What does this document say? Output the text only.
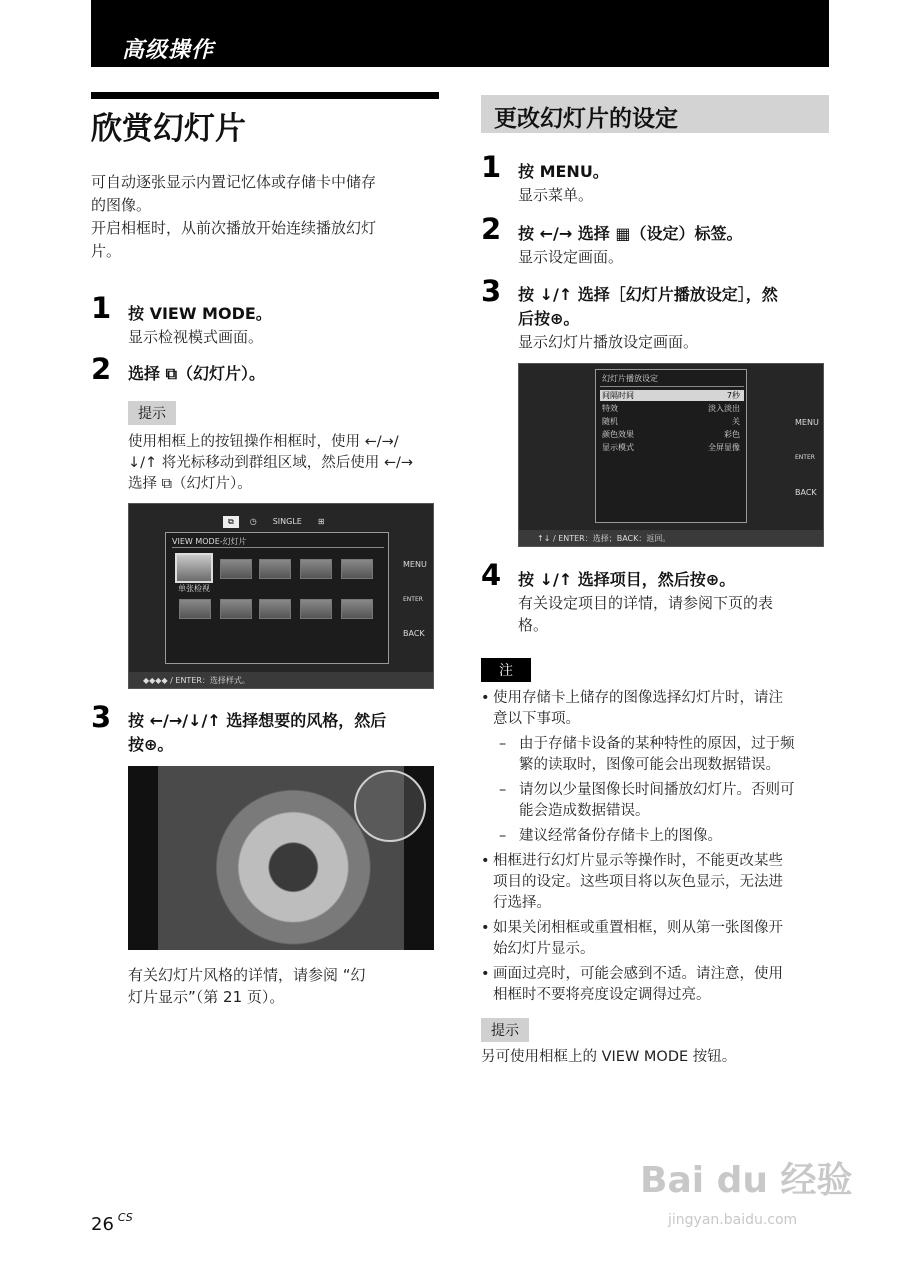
高级操作
欣赏幻灯片
可自动逐张显示内置记忆体或存储卡中储存
的图像。
开启相框时，从前次播放开始连续播放幻灯
片。
1 按 VIEW MODE。
显示检视模式画面。
2 选择 ⧉（幻灯片）。
提示
使用相框上的按钮操作相框时，使用 ←/→/
↓/↑ 将光标移动到群组区域，然后使用 ←/→
选择 ⧉（幻灯片）。
⧉	◷	SINGLE	⊞
VIEW MODE-幻灯片
单张检视
MENU
ENTER
BACK
◆◆◆◆ / ENTER：选择样式。
3 按 ←/→/↓/↑ 选择想要的风格，然后
按⊕。
有关幻灯片风格的详情，请参阅 “幻
灯片显示”（第 21 页）。
更改幻灯片的设定
1 按 MENU。
显示菜单。
2 按 ←/→ 选择 ▦（设定）标签。
显示设定画面。
3 按 ↓/↑ 选择［幻灯片播放设定］，然
后按⊕。
显示幻灯片播放设定画面。
幻灯片播放设定
间隔时间	7秒
特效	淡入淡出
随机	关
颜色效果	彩色
显示模式	全屏显像
MENU
ENTER
BACK
↑↓ / ENTER：选择；BACK：返回。
4 按 ↓/↑ 选择项目，然后按⊕。
有关设定项目的详情，请参阅下页的表
格。
注
• 使用存储卡上储存的图像选择幻灯片时，请注
意以下事项。
– 由于存储卡设备的某种特性的原因，过于频
繁的读取时，图像可能会出现数据错误。
– 请勿以少量图像长时间播放幻灯片。否则可
能会造成数据错误。
– 建议经常备份存储卡上的图像。
• 相框进行幻灯片显示等操作时，不能更改某些
项目的设定。这些项目将以灰色显示，无法进
行选择。
• 如果关闭相框或重置相框，则从第一张图像开
始幻灯片显示。
• 画面过亮时，可能会感到不适。请注意，使用
相框时不要将亮度设定调得过亮。
提示
另可使用相框上的 VIEW MODE 按钮。
26 $^{CS}$
Bai du 经验
jingyan.baidu.com
